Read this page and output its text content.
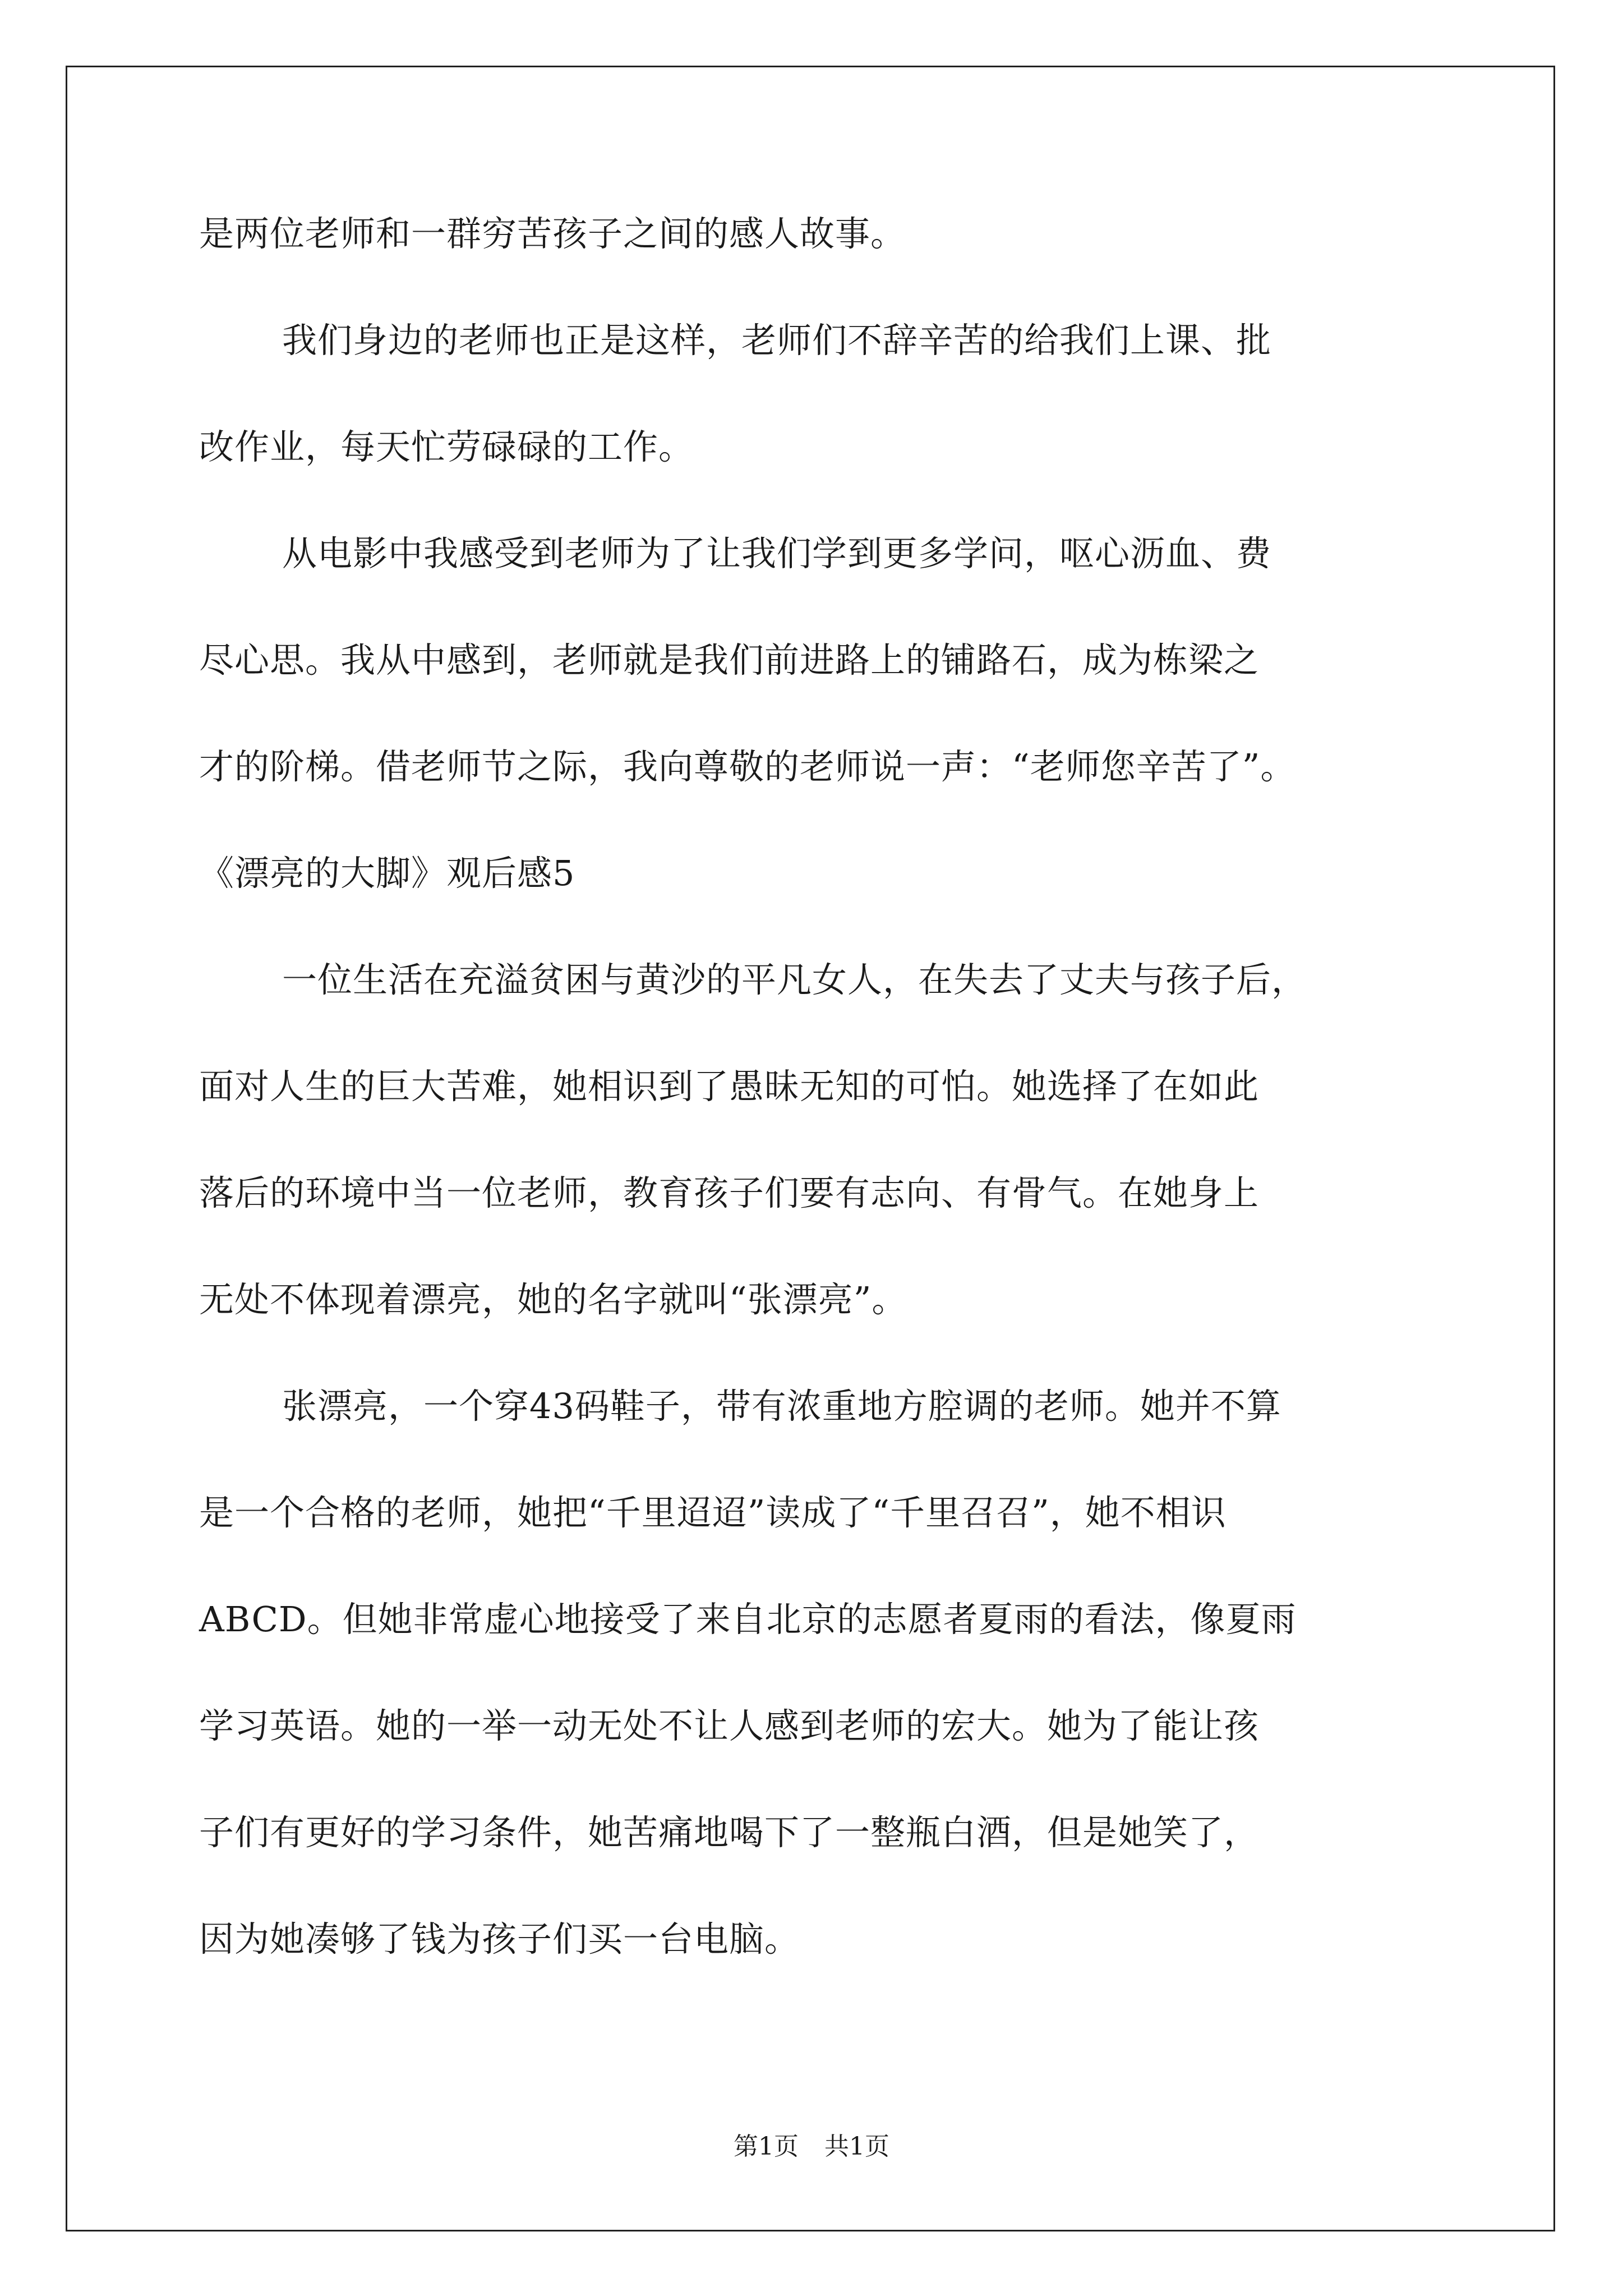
是两位老师和一群穷苦孩子之间的感人故事。
我们身边的老师也正是这样，老师们不辞辛苦的给我们上课、批
改作业，每天忙劳碌碌的工作。
从电影中我感受到老师为了让我们学到更多学问，呕心沥血、费
尽心思。我从中感到，老师就是我们前进路上的铺路石，成为栋梁之
才的阶梯。借老师节之际，我向尊敬的老师说一声：“老师您辛苦了”。
《漂亮的大脚》观后感5
一位生活在充溢贫困与黄沙的平凡女人，在失去了丈夫与孩子后，
面对人生的巨大苦难，她相识到了愚昧无知的可怕。她选择了在如此
落后的环境中当一位老师，教育孩子们要有志向、有骨气。在她身上
无处不体现着漂亮，她的名字就叫“张漂亮”。
张漂亮，一个穿43码鞋子，带有浓重地方腔调的老师。她并不算
是一个合格的老师，她把“千里迢迢”读成了“千里召召”，她不相识
ABCD。但她非常虚心地接受了来自北京的志愿者夏雨的看法，像夏雨
学习英语。她的一举一动无处不让人感到老师的宏大。她为了能让孩
子们有更好的学习条件，她苦痛地喝下了一整瓶白酒，但是她笑了，
因为她凑够了钱为孩子们买一台电脑。
第1页 共1页
